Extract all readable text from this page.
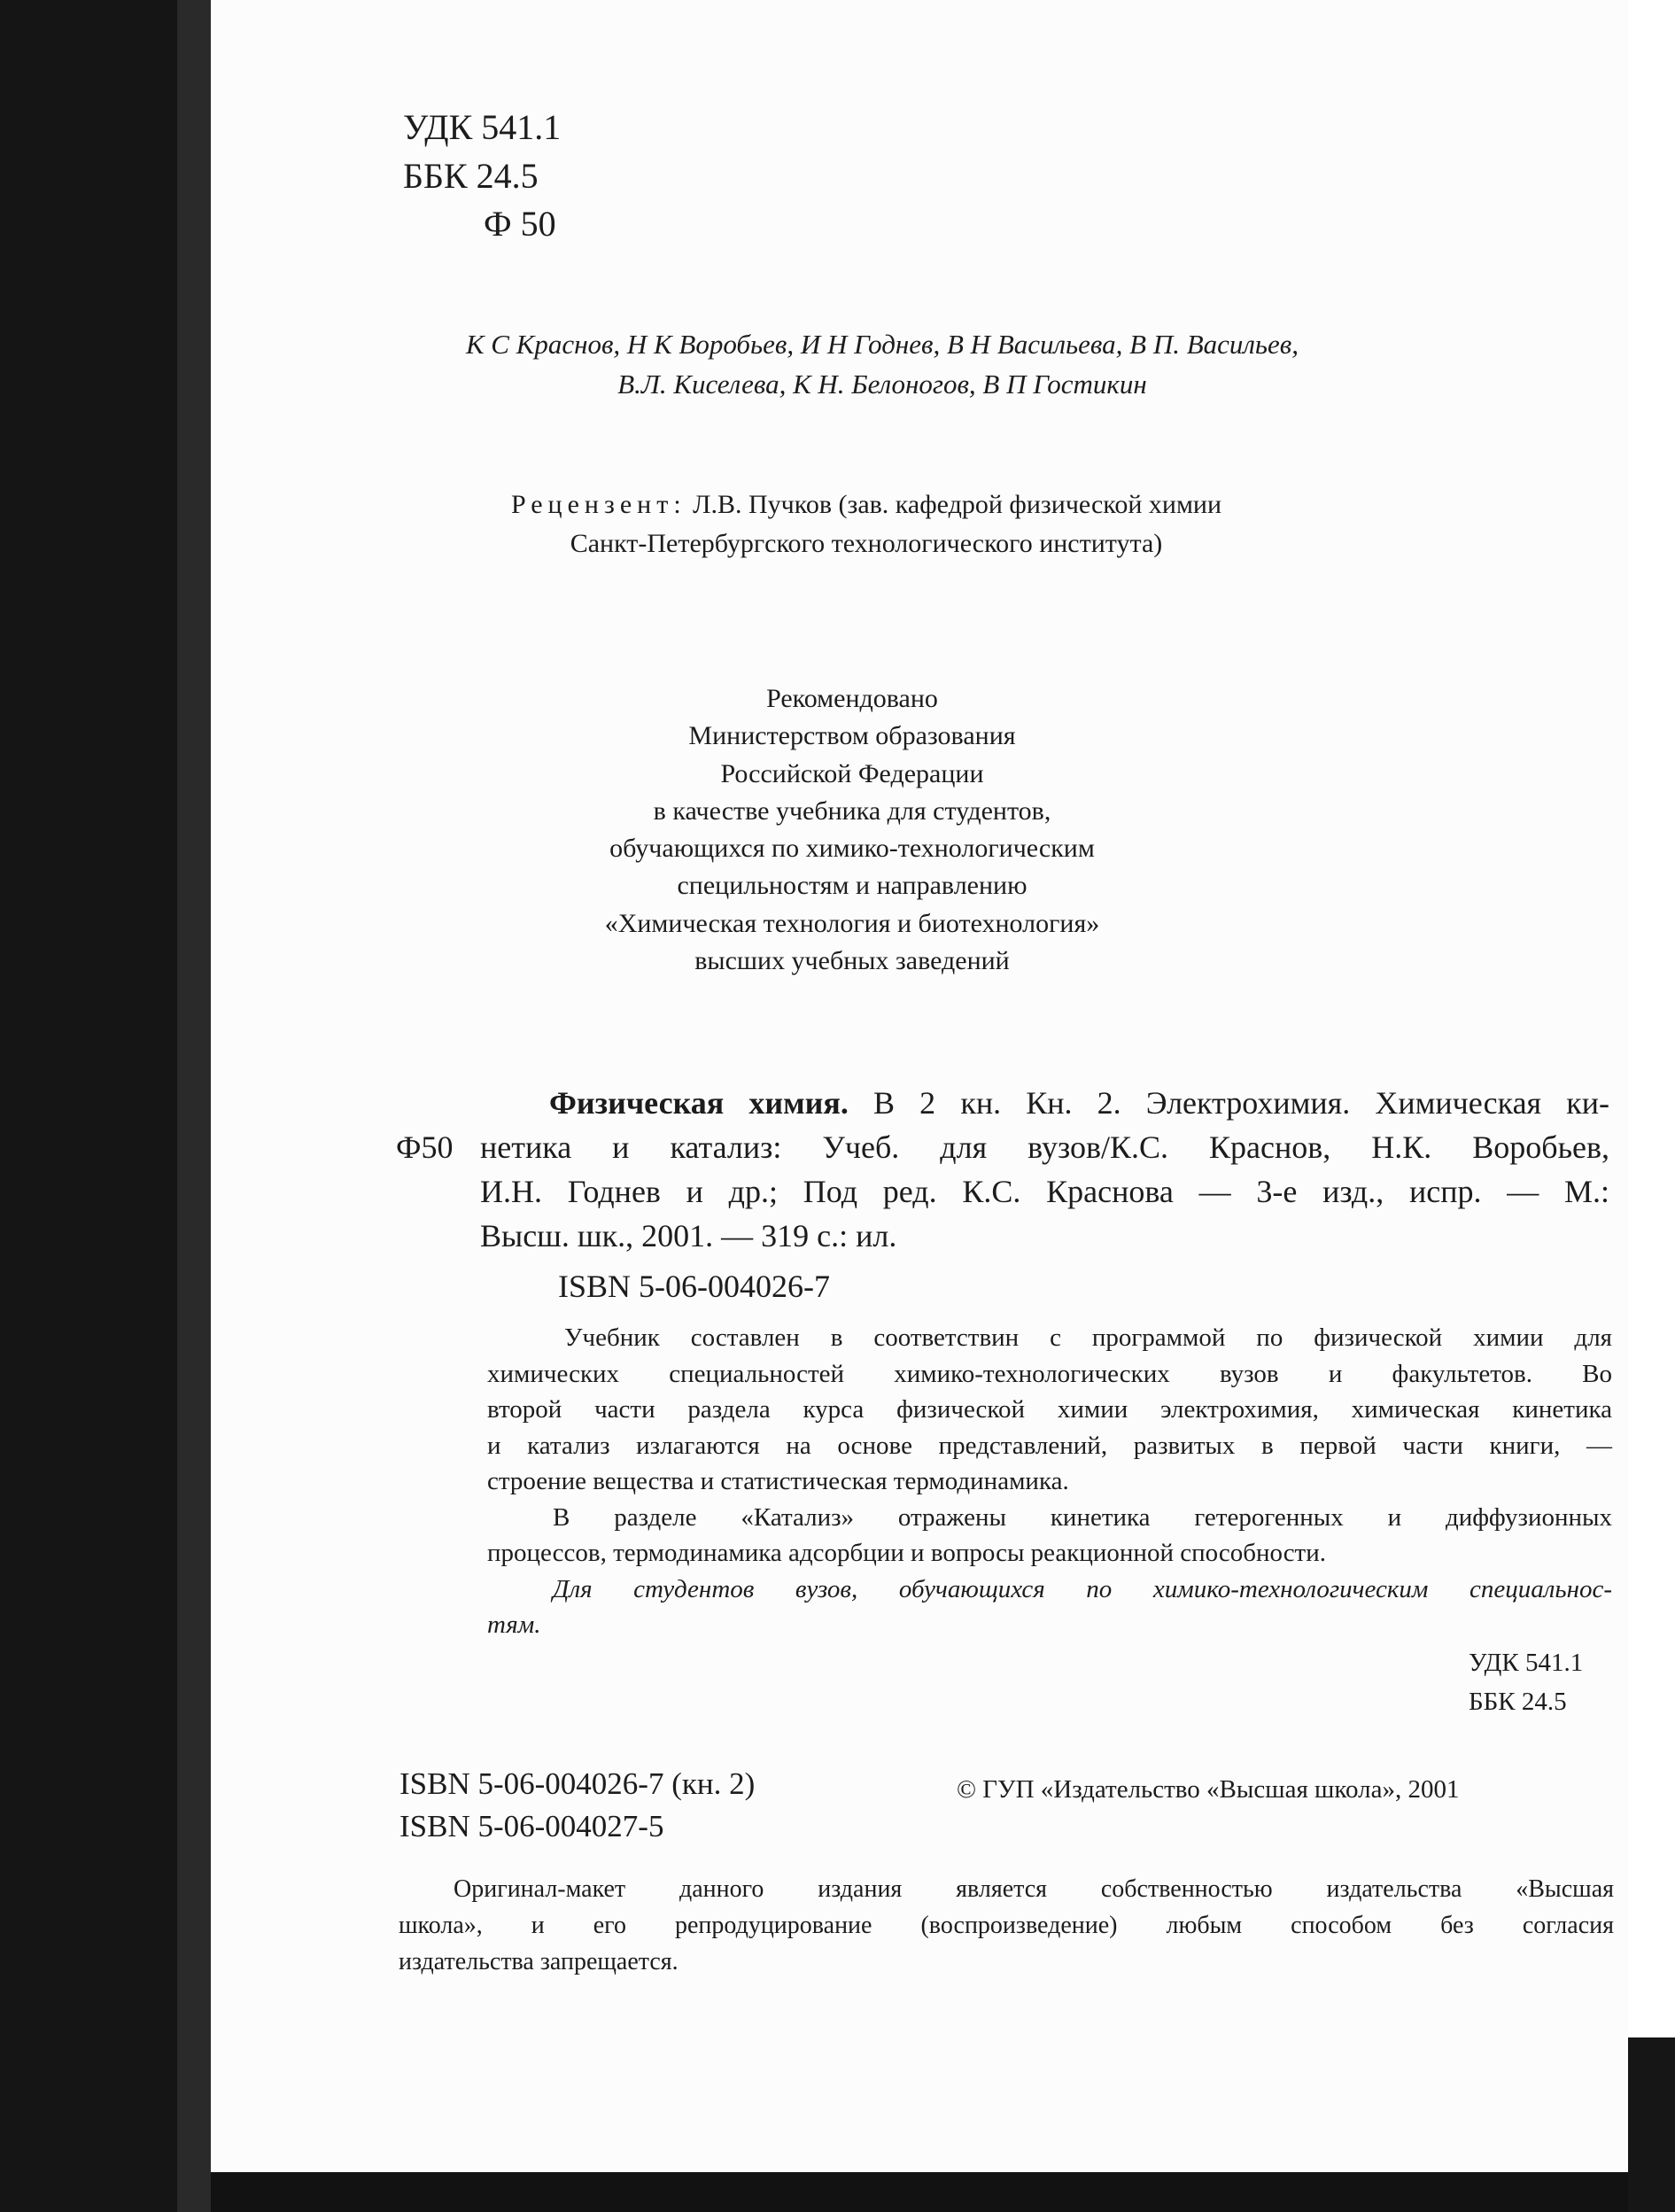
УДК 541.1
ББК 24.5
Ф 50
К С Краснов, Н К Воробьев, И Н Годнев, В Н Васильева, В П. Васильев,
В.Л. Киселева, К Н. Белоногов, В П Гостикин
Рецензент: Л.В. Пучков (зав. кафедрой физической химии
Санкт-Петербургского технологического института)
Рекомендовано
Министерством образования
Российской Федерации
в качестве учебника для студентов,
обучающихся по химико-технологическим
специльностям и направлению
«Химическая технология и биотехнология»
высших учебных заведений
Ф50
Физическая химия. В 2 кн. Кн. 2. Электрохимия. Химическая ки-
нетика и катализ: Учеб. для вузов/К.С. Краснов, Н.К. Воробьев,
И.Н. Годнев и др.; Под ред. К.С. Краснова — 3-е изд., испр. — М.:
Высш. шк., 2001. — 319 с.: ил.
ISBN 5-06-004026-7
Учебник составлен в соответствин с программой по физической химии для
химических специальностей химико-технологических вузов и факультетов. Во
второй части раздела курса физической химии электрохимия, химическая кинетика
и катализ излагаются на основе представлений, развитых в первой части книги, —
строение вещества и статистическая термодинамика.
В разделе «Катализ» отражены кинетика гетерогенных и диффузионных
процессов, термодинамика адсорбции и вопросы реакционной способности.
Для студентов вузов, обучающихся по химико-технологическим специальнос-
тям.
УДК 541.1
ББК 24.5
ISBN 5-06-004026-7 (кн. 2)
ISBN 5-06-004027-5
© ГУП «Издательство «Высшая школа», 2001
Оригинал-макет данного издания является собственностью издательства «Высшая
школа», и его репродуцирование (воспроизведение) любым способом без согласия
издательства запрещается.
